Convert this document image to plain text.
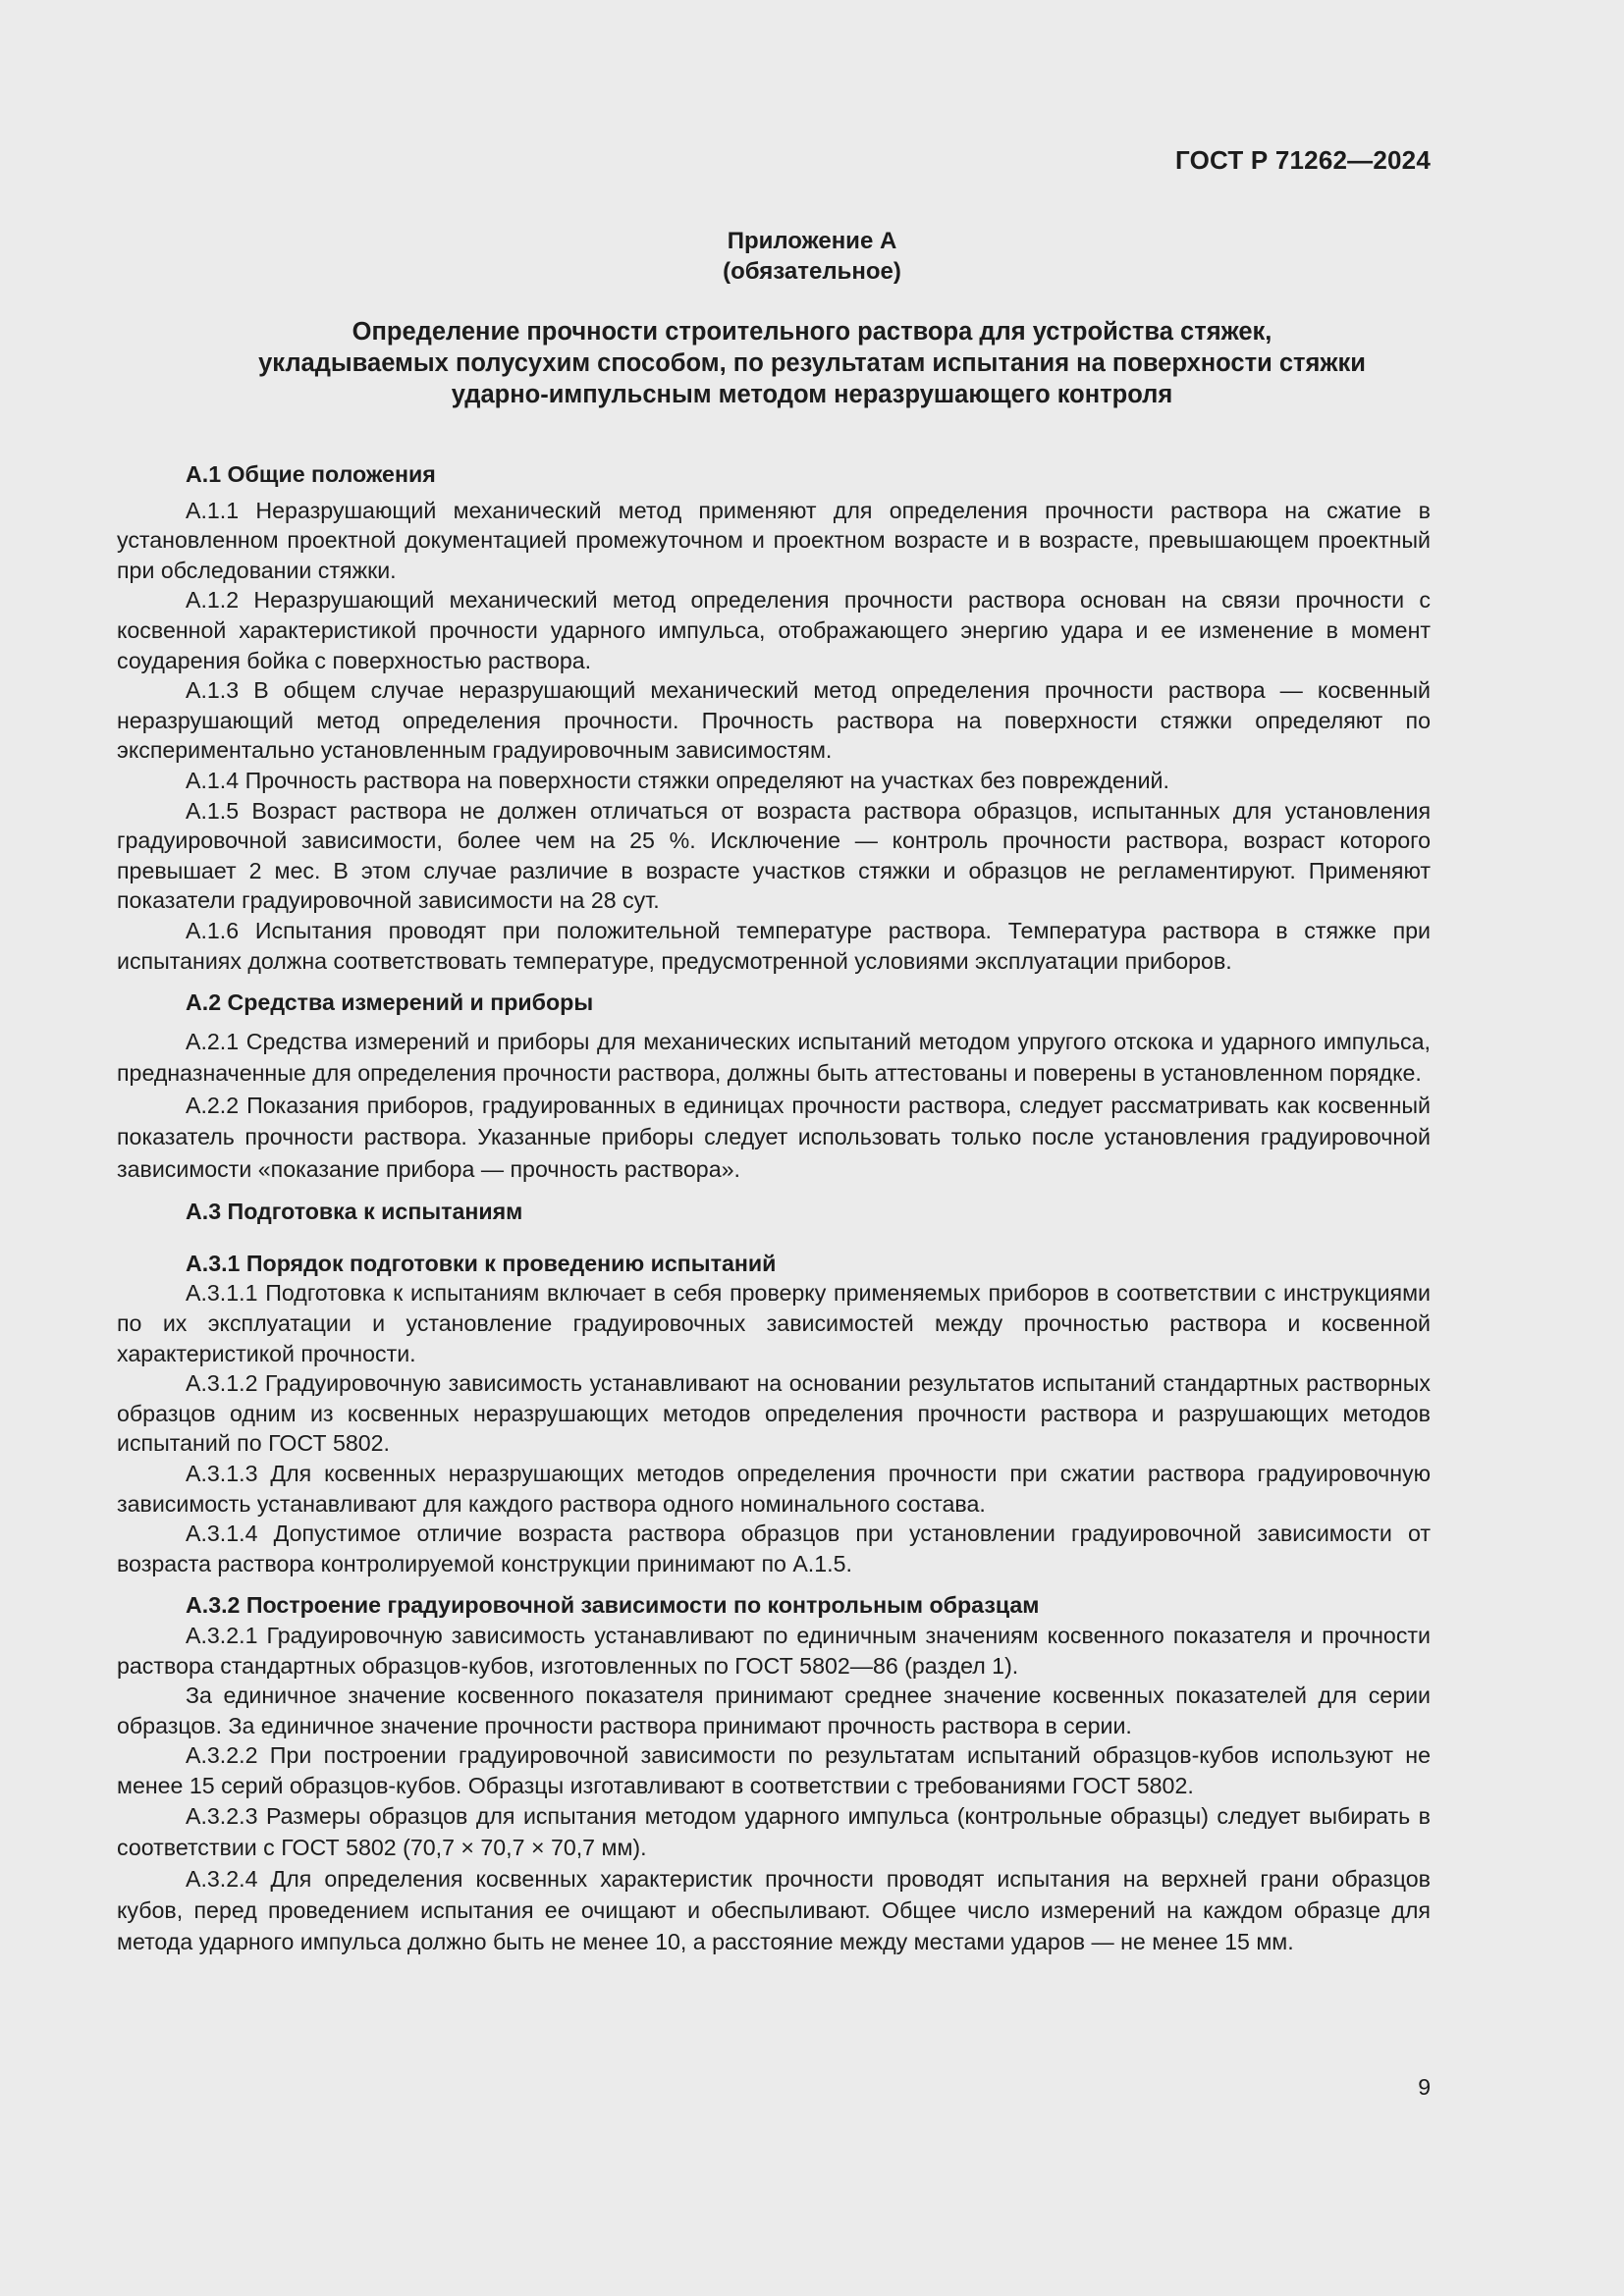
ГОСТ Р 71262—2024
Приложение А
(обязательное)
Определение прочности строительного раствора для устройства стяжек,
укладываемых полусухим способом, по результатам испытания на поверхности стяжки
ударно-импульсным методом неразрушающего контроля
А.1 Общие положения

А.1.1 Неразрушающий механический метод применяют для определения прочности раствора на сжатие в установленном проектной документацией промежуточном и проектном возрасте и в возрасте, превышающем проектный при обследовании стяжки.

А.1.2 Неразрушающий механический метод определения прочности раствора основан на связи прочности с косвенной характеристикой прочности ударного импульса, отображающего энергию удара и ее изменение в момент соударения бойка с поверхностью раствора.

А.1.3 В общем случае неразрушающий механический метод определения прочности раствора — косвенный неразрушающий метод определения прочности. Прочность раствора на поверхности стяжки определяют по экспериментально установленным градуировочным зависимостям.

А.1.4 Прочность раствора на поверхности стяжки определяют на участках без повреждений.

А.1.5 Возраст раствора не должен отличаться от возраста раствора образцов, испытанных для установления градуировочной зависимости, более чем на 25 %. Исключение — контроль прочности раствора, возраст которого превышает 2 мес. В этом случае различие в возрасте участков стяжки и образцов не регламентируют. Применяют показатели градуировочной зависимости на 28 сут.

А.1.6 Испытания проводят при положительной температуре раствора. Температура раствора в стяжке при испытаниях должна соответствовать температуре, предусмотренной условиями эксплуатации приборов.

А.2 Средства измерений и приборы

А.2.1 Средства измерений и приборы для механических испытаний методом упругого отскока и ударного импульса, предназначенные для определения прочности раствора, должны быть аттестованы и поверены в установленном порядке.

А.2.2 Показания приборов, градуированных в единицах прочности раствора, следует рассматривать как косвенный показатель прочности раствора. Указанные приборы следует использовать только после установления градуировочной зависимости «показание прибора — прочность раствора».

А.3 Подготовка к испытаниям
А.3.1 Порядок подготовки к проведению испытаний

А.3.1.1 Подготовка к испытаниям включает в себя проверку применяемых приборов в соответствии с инструкциями по их эксплуатации и установление градуировочных зависимостей между прочностью раствора и косвенной характеристикой прочности.

А.3.1.2 Градуировочную зависимость устанавливают на основании результатов испытаний стандартных растворных образцов одним из косвенных неразрушающих методов определения прочности раствора и разрушающих методов испытаний по ГОСТ 5802.

А.3.1.3 Для косвенных неразрушающих методов определения прочности при сжатии раствора градуировочную зависимость устанавливают для каждого раствора одного номинального состава.

А.3.1.4 Допустимое отличие возраста раствора образцов при установлении градуировочной зависимости от возраста раствора контролируемой конструкции принимают по А.1.5.

А.3.2 Построение градуировочной зависимости по контрольным образцам

А.3.2.1 Градуировочную зависимость устанавливают по единичным значениям косвенного показателя и прочности раствора стандартных образцов-кубов, изготовленных по ГОСТ 5802—86 (раздел 1).

За единичное значение косвенного показателя принимают среднее значение косвенных показателей для серии образцов. За единичное значение прочности раствора принимают прочность раствора в серии.

А.3.2.2 При построении градуировочной зависимости по результатам испытаний образцов-кубов используют не менее 15 серий образцов-кубов. Образцы изготавливают в соответствии с требованиями ГОСТ 5802.

А.3.2.3 Размеры образцов для испытания методом ударного импульса (контрольные образцы) следует выбирать в соответствии с ГОСТ 5802 (70,7 × 70,7 × 70,7 мм).

А.3.2.4 Для определения косвенных характеристик прочности проводят испытания на верхней грани образцов кубов, перед проведением испытания ее очищают и обеспыливают. Общее число измерений на каждом образце для метода ударного импульса должно быть не менее 10, а расстояние между местами ударов — не менее 15 мм.

9
